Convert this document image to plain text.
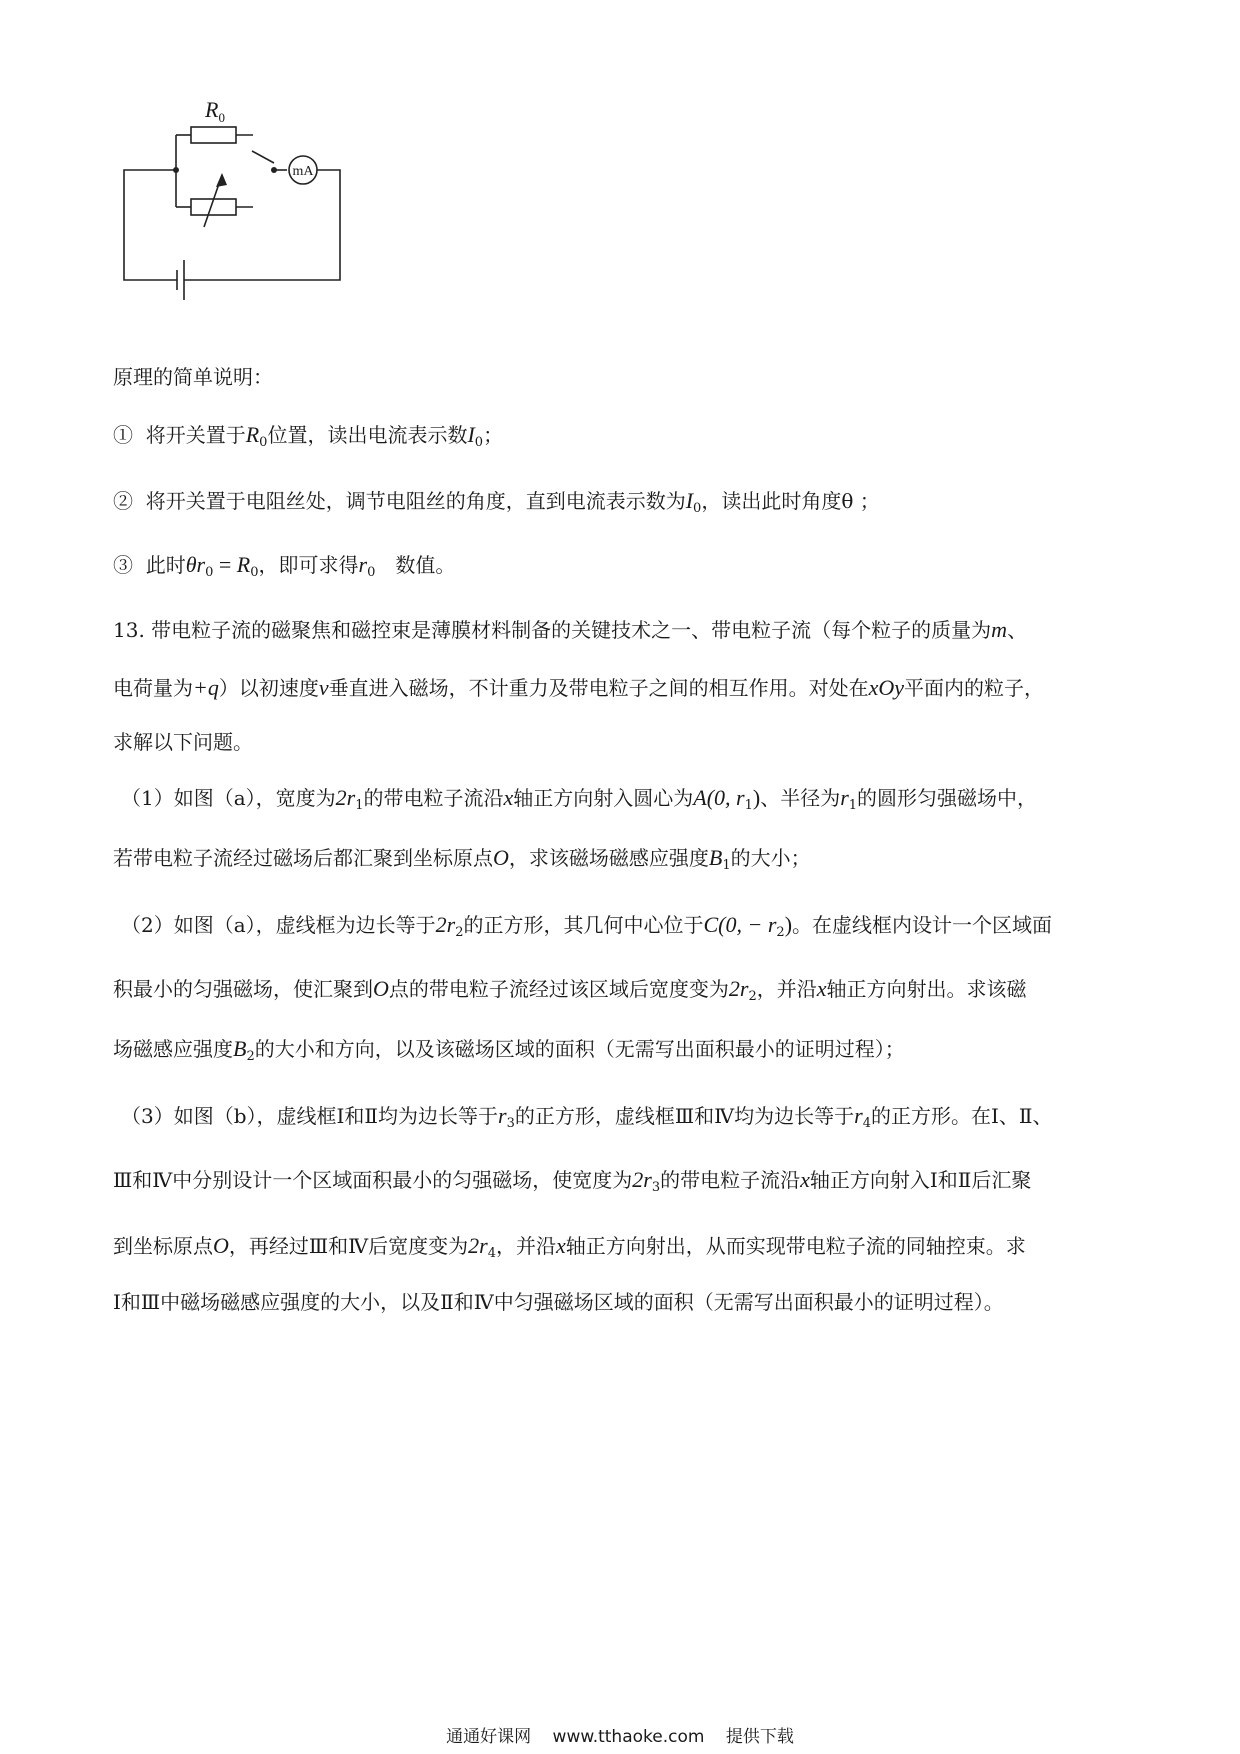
$R_0$
mA
原理的简单说明：
① 将开关置于$R_0$位置，读出电流表示数$I_0$；
② 将开关置于电阻丝处，调节电阻丝的角度，直到电流表示数为$I_0$，读出此时角度θ ；
③ 此时$\theta r_0 = R_0$，即可求得$r_0$　数值。
13. 带电粒子流的磁聚焦和磁控束是薄膜材料制备的关键技术之一、带电粒子流（每个粒子的质量为m、
电荷量为+q）以初速度v垂直进入磁场，不计重力及带电粒子之间的相互作用。对处在xOy平面内的粒子，
求解以下问题。
（1）如图（a），宽度为$2r_1$的带电粒子流沿x轴正方向射入圆心为A(0, $r_1$)、半径为$r_1$的圆形匀强磁场中，
若带电粒子流经过磁场后都汇聚到坐标原点O，求该磁场磁感应强度$B_1$的大小；
（2）如图（a），虚线框为边长等于$2r_2$的正方形，其几何中心位于C(0, − $r_2$)。在虚线框内设计一个区域面
积最小的匀强磁场，使汇聚到O点的带电粒子流经过该区域后宽度变为$2r_2$，并沿x轴正方向射出。求该磁
场磁感应强度$B_2$的大小和方向，以及该磁场区域的面积（无需写出面积最小的证明过程）；
（3）如图（b），虚线框Ⅰ和Ⅱ均为边长等于$r_3$的正方形，虚线框Ⅲ和Ⅳ均为边长等于$r_4$的正方形。在Ⅰ、Ⅱ、
Ⅲ和Ⅳ中分别设计一个区域面积最小的匀强磁场，使宽度为$2r_3$的带电粒子流沿x轴正方向射入Ⅰ和Ⅱ后汇聚
到坐标原点O，再经过Ⅲ和Ⅳ后宽度变为$2r_4$，并沿x轴正方向射出，从而实现带电粒子流的同轴控束。求
Ⅰ和Ⅲ中磁场磁感应强度的大小，以及Ⅱ和Ⅳ中匀强磁场区域的面积（无需写出面积最小的证明过程）。
通通好课网 www.tthaoke.com 提供下载
